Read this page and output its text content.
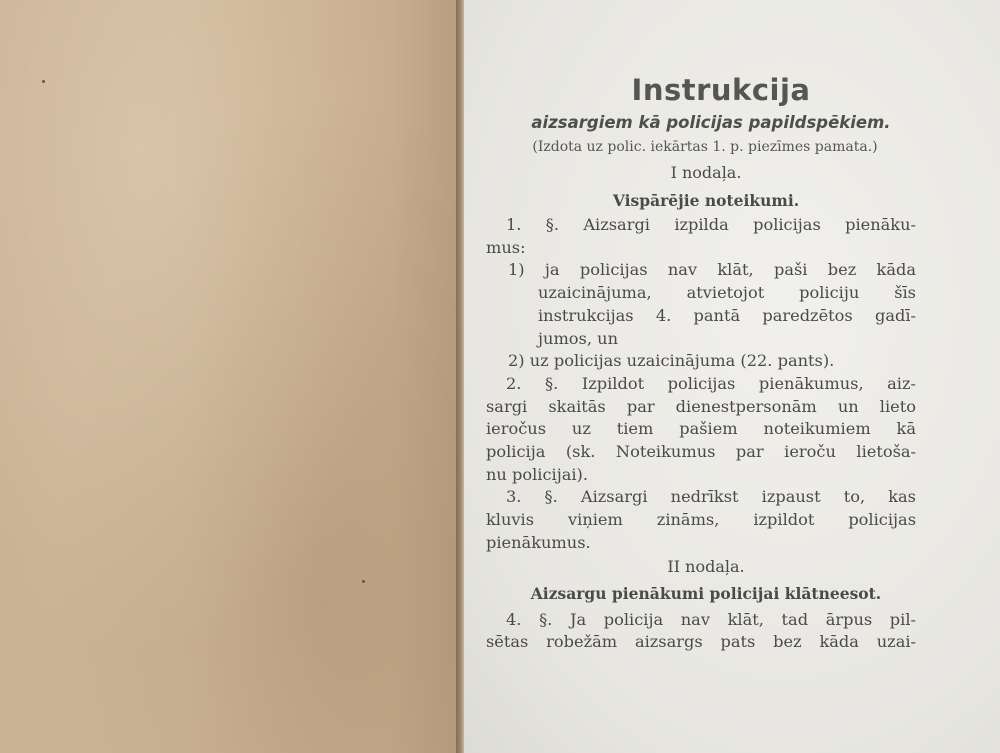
Instrukcija
aizsargiem kā policijas papildspēkiem.
(Izdota uz polic. iekārtas 1. p. piezīmes pamata.)
I nodaļa.
Vispārējie noteikumi.

1. §. Aizsargi izpilda policijas pienāku-
mus:

1) ja policijas nav klāt, paši bez kāda
uzaicinājuma, atvietojot policiju šīs
instrukcijas 4. pantā paredzētos gadī-
jumos, un

2) uz policijas uzaicinājuma (22. pants).

2. §. Izpildot policijas pienākumus, aiz-
sargi skaitās par dienestpersonām un lieto
ieročus uz tiem pašiem noteikumiem kā
policija (sk. Noteikumus par ieroču lietoša-
nu policijai).

3. §. Aizsargi nedrīkst izpaust to, kas
kluvis viņiem zināms, izpildot policijas
pienākumus.

II nodaļa.
Aizsargu pienākumi policijai klātneesot.

4. §. Ja policija nav klāt, tad ārpus pil-
sētas robežām aizsargs pats bez kāda uzai-
